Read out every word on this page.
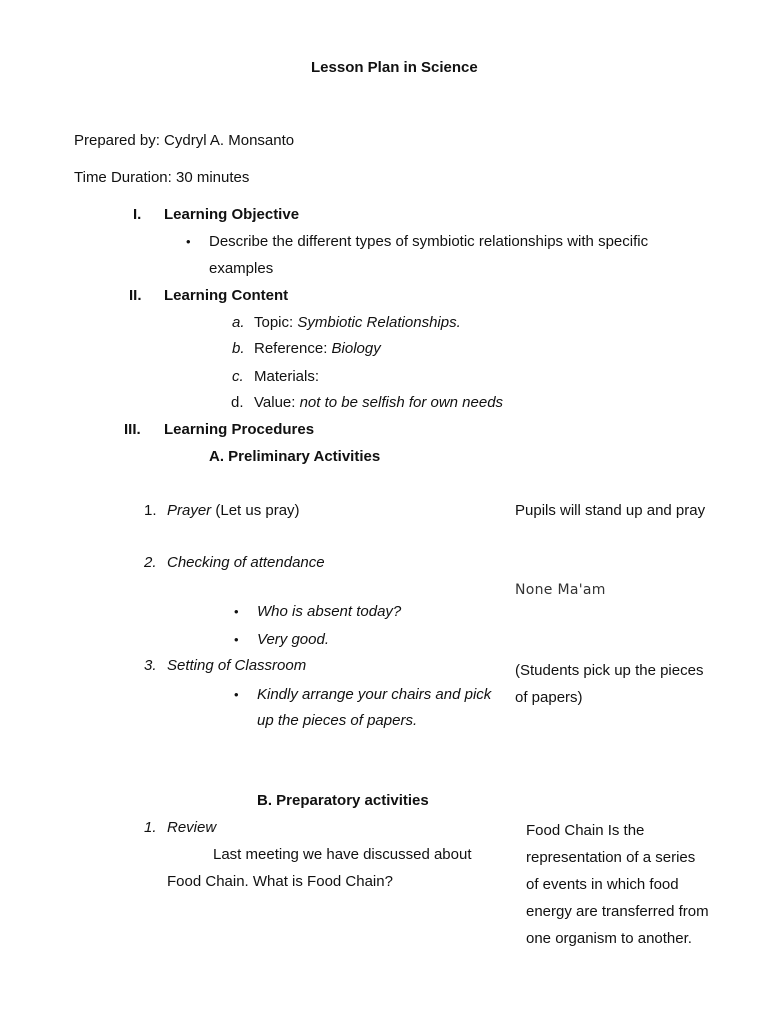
Lesson Plan in Science
Prepared by: Cydryl A. Monsanto
Time Duration: 30 minutes
I. Learning Objective
• Describe the different types of symbiotic relationships with specific
examples
II. Learning Content
a. Topic: Symbiotic Relationships.
b. Reference: Biology
c. Materials:
d. Value: not to be selfish for own needs
III. Learning Procedures
A. Preliminary Activities
1. Prayer (Let us pray)	Pupils will stand up and pray
2. Checking of attendance
None Ma'am
• Who is absent today?
• Very good.
3. Setting of Classroom
• Kindly arrange your chairs and pick
up the pieces of papers.
(Students pick up the pieces
of papers)
B. Preparatory activities
1. Review
Last meeting we have discussed about
Food Chain. What is Food Chain?
Food Chain Is the
representation of a series
of events in which food
energy are transferred from
one organism to another.
